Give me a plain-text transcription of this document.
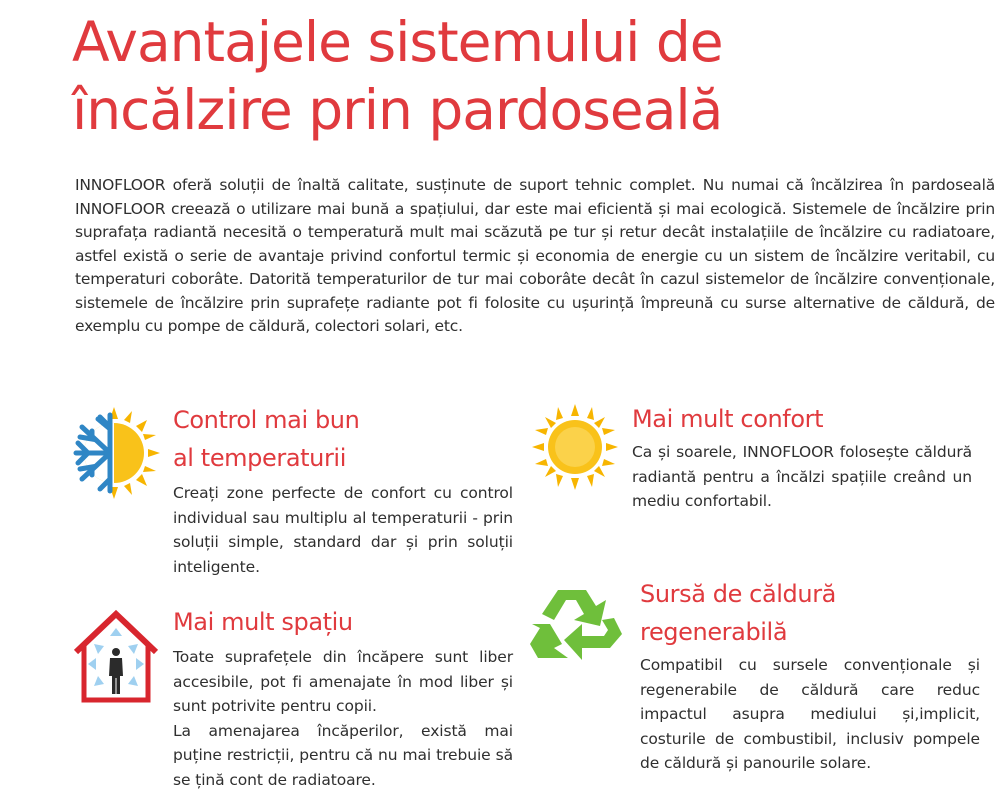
Avantajele sistemului de
încălzire prin pardoseală

INNOFLOOR oferă soluții de înaltă calitate, susținute de suport tehnic complet. Nu numai că încălzirea în pardoseală INNOFLOOR creează o utilizare mai bună a spațiului, dar este mai eficientă și mai ecologică. Sistemele de încălzire prin suprafața radiantă necesită o temperatură mult mai scăzută pe tur și retur decât instalațiile de încălzire cu radiatoare, astfel există o serie de avantaje privind confortul termic și economia de energie cu un sistem de încălzire veritabil, cu temperaturi coborâte. Datorită temperaturilor de tur mai coborâte decât în cazul sistemelor de încălzire convenționale, sistemele de încălzire prin suprafețe radiante pot fi folosite cu ușurință împreună cu surse alternative de căldură, de exemplu cu pompe de căldură, colectori solari, etc.

Control mai bun
al temperaturii

Creați zone perfecte de confort cu control individual sau multiplu al temperaturii - prin soluții simple, standard dar și prin soluții inteligente.

Mai mult confort

Ca și soarele, INNOFLOOR folosește căldură radiantă pentru a încălzi spațiile creând un mediu confortabil.

Mai mult spațiu

Toate suprafețele din încăpere sunt liber accesibile, pot fi amenajate în mod liber și sunt potrivite pentru copii.

La amenajarea încăperilor, există mai puține restricții, pentru că nu mai trebuie să se țină cont de radiatoare.

Sursă de căldură
regenerabilă

Compatibil cu sursele convenționale și regenerabile de căldură care reduc impactul asupra mediului și,implicit, costurile de combustibil, inclusiv pompele de căldură și panourile solare.
